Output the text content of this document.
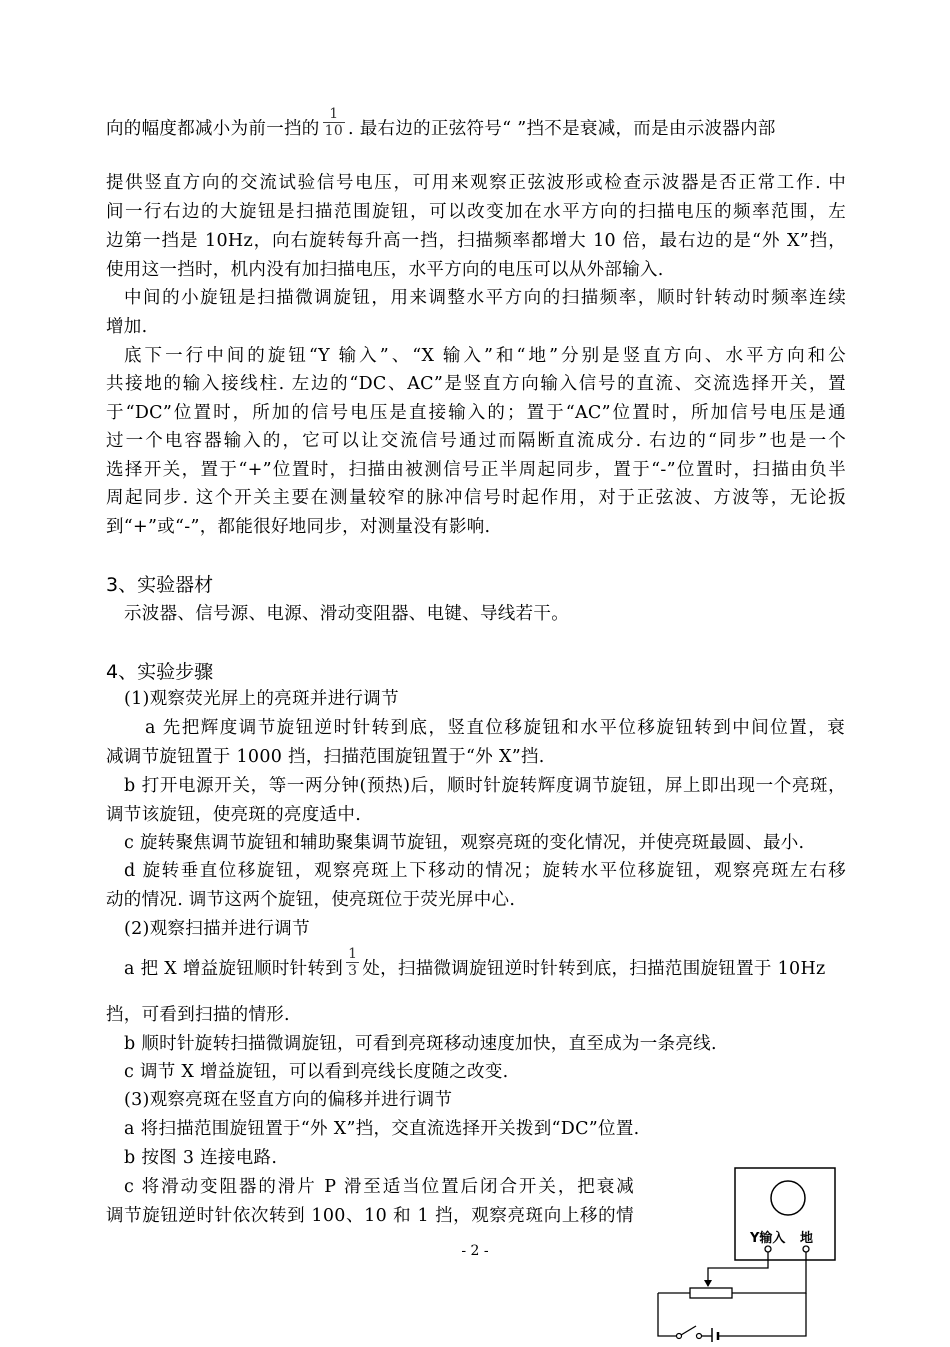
向的幅度都减小为前一挡的 $\frac{1}{10}$ . 最右边的正弦符号“ ”挡不是衰减，而是由示波器内部
提供竖直方向的交流试验信号电压，可用来观察正弦波形或检查示波器是否正常工作. 中
间一行右边的大旋钮是扫描范围旋钮，可以改变加在水平方向的扫描电压的频率范围，左
边第一挡是 10Hz，向右旋转每升高一挡，扫描频率都增大 10 倍，最右边的是“外 X”挡，
使用这一挡时，机内没有加扫描电压，水平方向的电压可以从外部输入.
中间的小旋钮是扫描微调旋钮，用来调整水平方向的扫描频率，顺时针转动时频率连续
增加.
底下一行中间的旋钮“Y 输入”、“X 输入”和“地”分别是竖直方向、水平方向和公
共接地的输入接线柱. 左边的“DC、AC”是竖直方向输入信号的直流、交流选择开关，置
于“DC”位置时，所加的信号电压是直接输入的；置于“AC”位置时，所加信号电压是通
过一个电容器输入的，它可以让交流信号通过而隔断直流成分. 右边的“同步”也是一个
选择开关，置于“+”位置时，扫描由被测信号正半周起同步，置于“-”位置时，扫描由负半
周起同步. 这个开关主要在测量较窄的脉冲信号时起作用，对于正弦波、方波等，无论扳
到“+”或“-”，都能很好地同步，对测量没有影响.
3、实验器材
示波器、信号源、电源、滑动变阻器、电键、导线若干。
4、实验步骤
(1)观察荧光屏上的亮斑并进行调节
a 先把辉度调节旋钮逆时针转到底，竖直位移旋钮和水平位移旋钮转到中间位置，衰
减调节旋钮置于 1000 挡，扫描范围旋钮置于“外 X”挡.
b 打开电源开关，等一两分钟(预热)后，顺时针旋转辉度调节旋钮，屏上即出现一个亮斑，
调节该旋钮，使亮斑的亮度适中.
c 旋转聚焦调节旋钮和辅助聚集调节旋钮，观察亮斑的变化情况，并使亮斑最圆、最小.
d 旋转垂直位移旋钮，观察亮斑上下移动的情况；旋转水平位移旋钮，观察亮斑左右移
动的情况. 调节这两个旋钮，使亮斑位于荧光屏中心.
(2)观察扫描并进行调节
a 把 X 增益旋钮顺时针转到 $\frac{1}{3}$ 处，扫描微调旋钮逆时针转到底，扫描范围旋钮置于 10Hz
挡，可看到扫描的情形.
b 顺时针旋转扫描微调旋钮，可看到亮斑移动速度加快，直至成为一条亮线.
c 调节 X 增益旋钮，可以看到亮线长度随之改变.
(3)观察亮斑在竖直方向的偏移并进行调节
a 将扫描范围旋钮置于“外 X”挡，交直流选择开关拨到“DC”位置.
b 按图 3 连接电路.
c 将滑动变阻器的滑片 P 滑至适当位置后闭合开关，把衰减
调节旋钮逆时针依次转到 100、10 和 1 挡，观察亮斑向上移的情
- 2 -
Y输入 地
